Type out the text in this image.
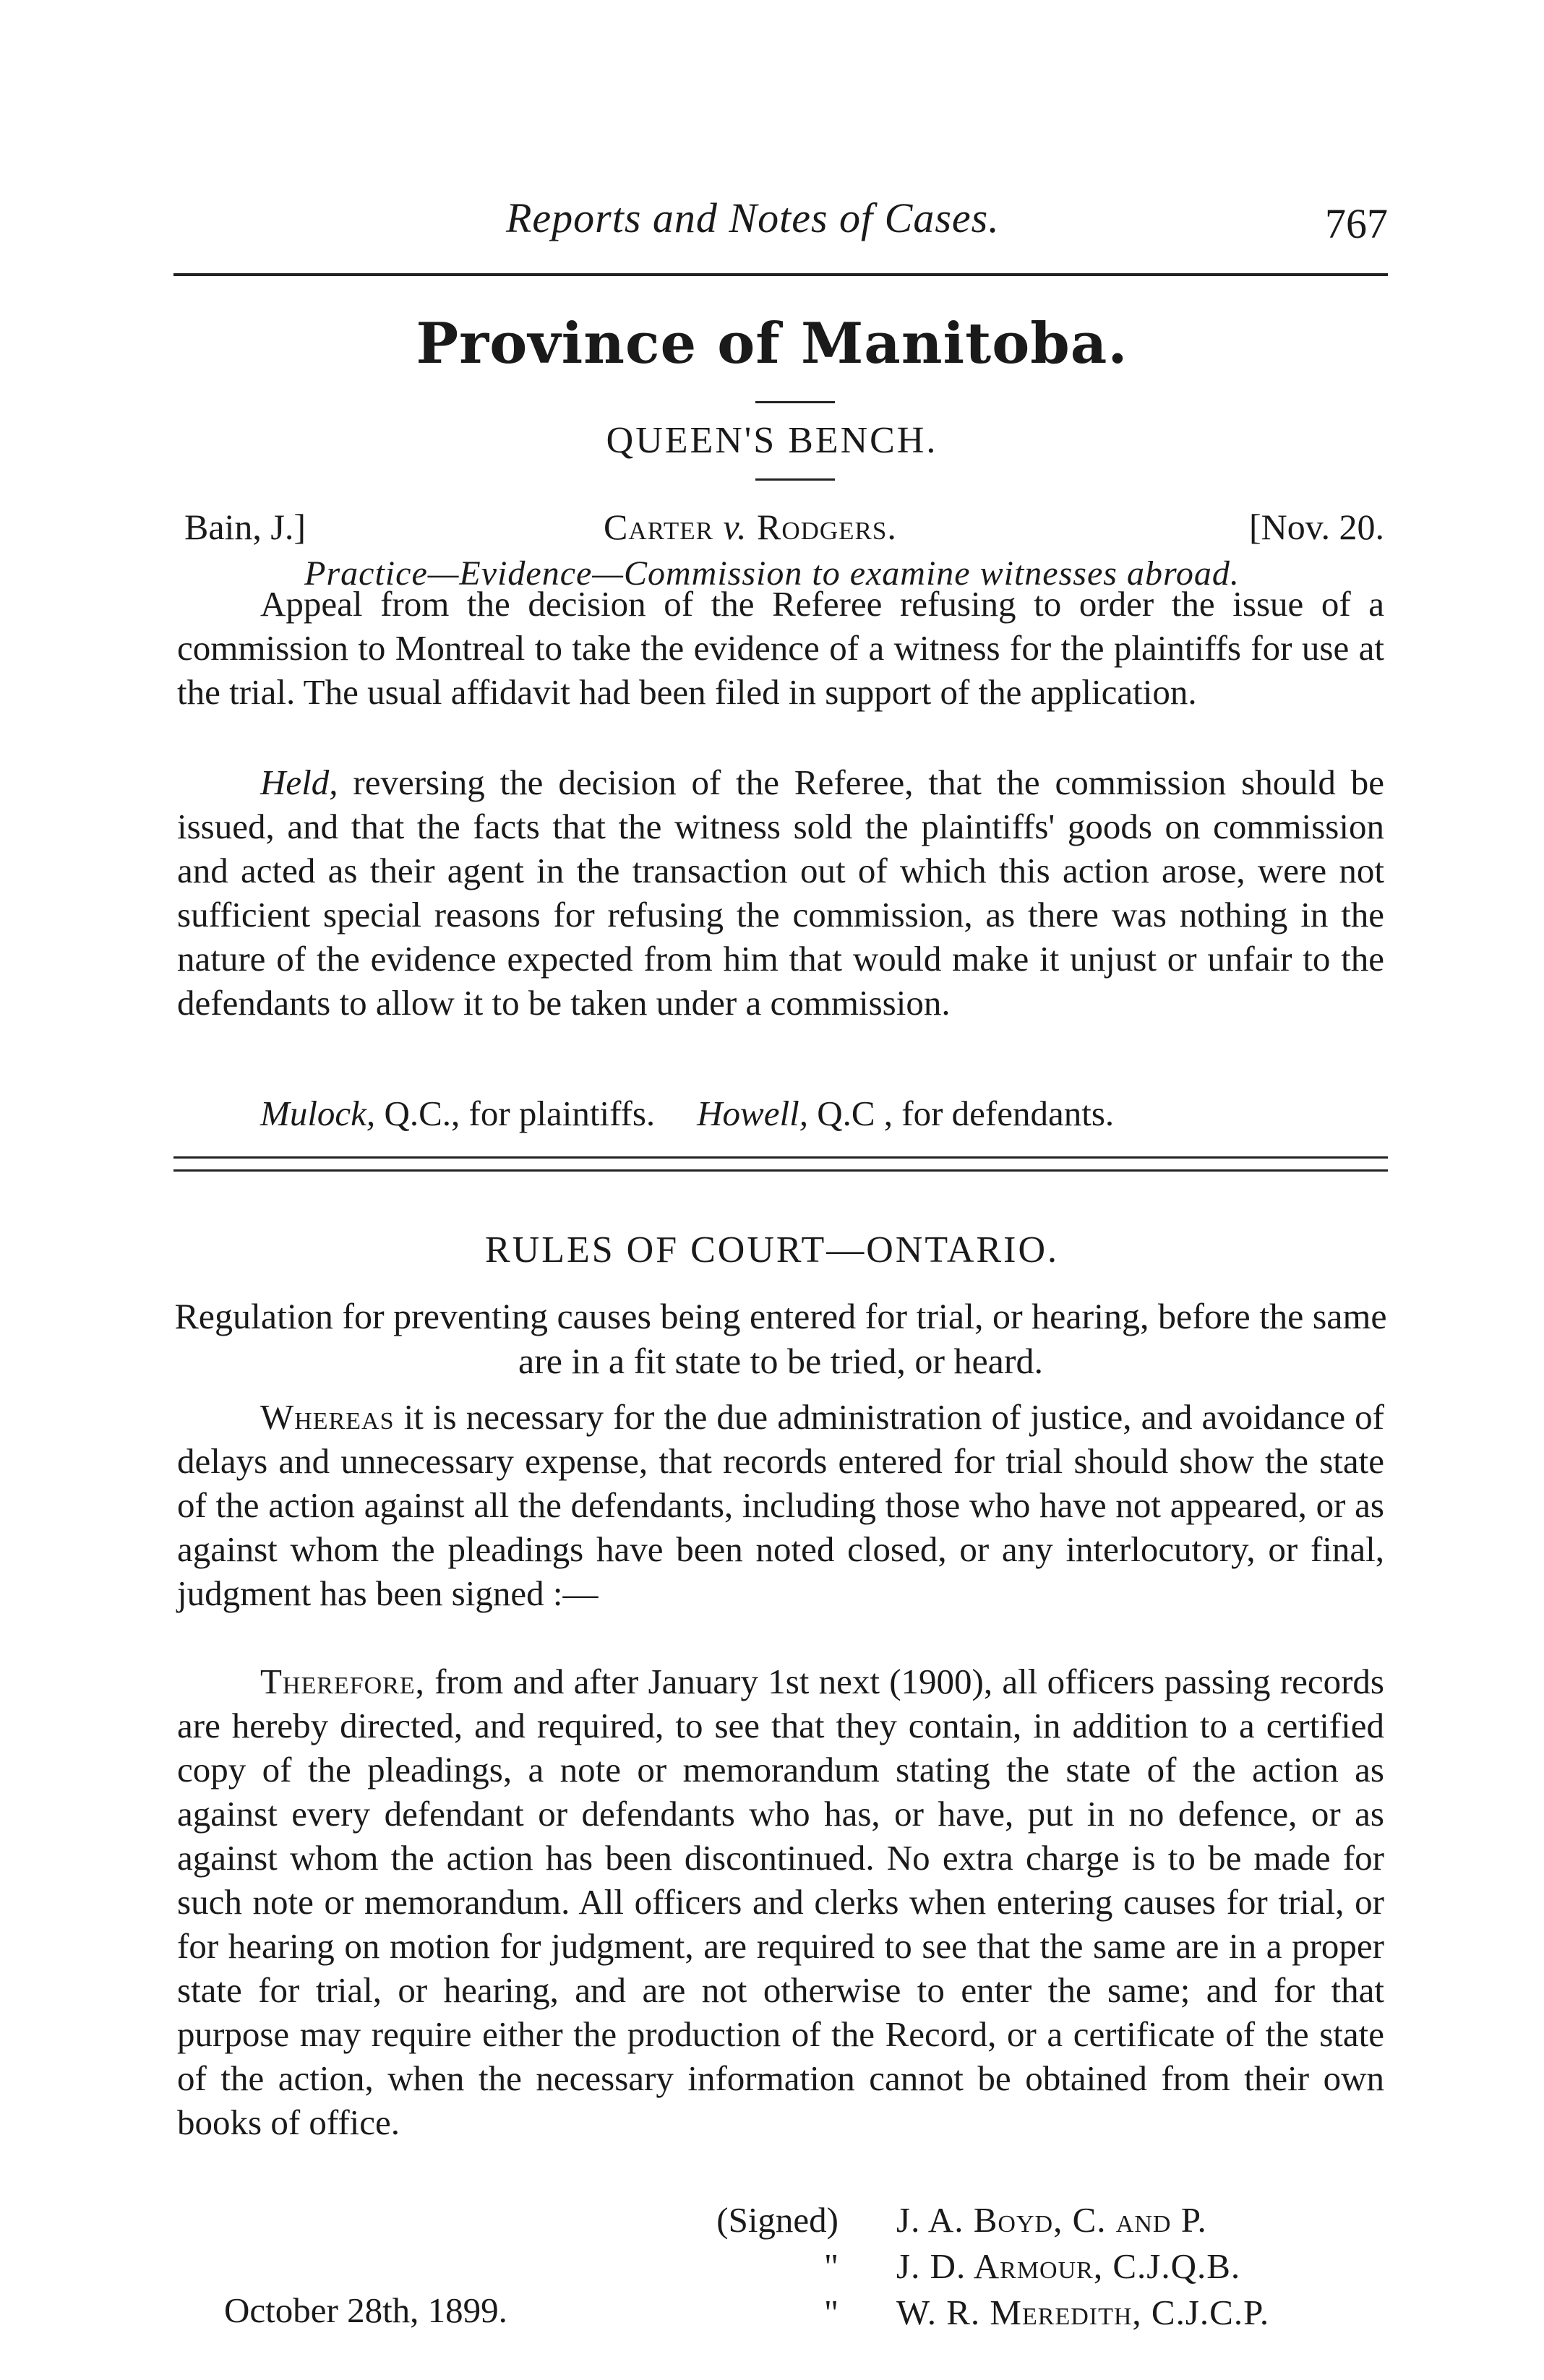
Reports and Notes of Cases.	767
Province of Manitoba.
QUEEN'S BENCH.
Bain, J.]	Carter v. Rodgers.	[Nov. 20.
Practice—Evidence—Commission to examine witnesses abroad.

Appeal from the decision of the Referee refusing to order the issue of a commission to Montreal to take the evidence of a witness for the plaintiffs for use at the trial. The usual affidavit had been filed in support of the application.

Held, reversing the decision of the Referee, that the commission should be issued, and that the facts that the witness sold the plaintiffs' goods on commission and acted as their agent in the transaction out of which this action arose, were not sufficient special reasons for refusing the commission, as there was nothing in the nature of the evidence expected from him that would make it unjust or unfair to the defendants to allow it to be taken under a commission.

Mulock, Q.C., for plaintiffs. Howell, Q.C , for defendants.
RULES OF COURT—ONTARIO.
Regulation for preventing causes being entered for trial, or hearing, before the same are in a fit state to be tried, or heard.

Whereas it is necessary for the due administration of justice, and avoidance of delays and unnecessary expense, that records entered for trial should show the state of the action against all the defendants, including those who have not appeared, or as against whom the pleadings have been noted closed, or any interlocutory, or final, judgment has been signed :—

Therefore, from and after January 1st next (1900), all officers passing records are hereby directed, and required, to see that they contain, in addition to a certified copy of the pleadings, a note or memorandum stating the state of the action as against every defendant or defendants who has, or have, put in no defence, or as against whom the action has been discontinued. No extra charge is to be made for such note or memorandum. All officers and clerks when entering causes for trial, or for hearing on motion for judgment, are required to see that the same are in a proper state for trial, or hearing, and are not otherwise to enter the same; and for that purpose may require either the production of the Record, or a certificate of the state of the action, when the necessary information cannot be obtained from their own books of office.

(Signed) J. A. Boyd, C. and P.
" J. D. Armour, C.J.Q.B.
" W. R. Meredith, C.J.C.P.
October 28th, 1899.
